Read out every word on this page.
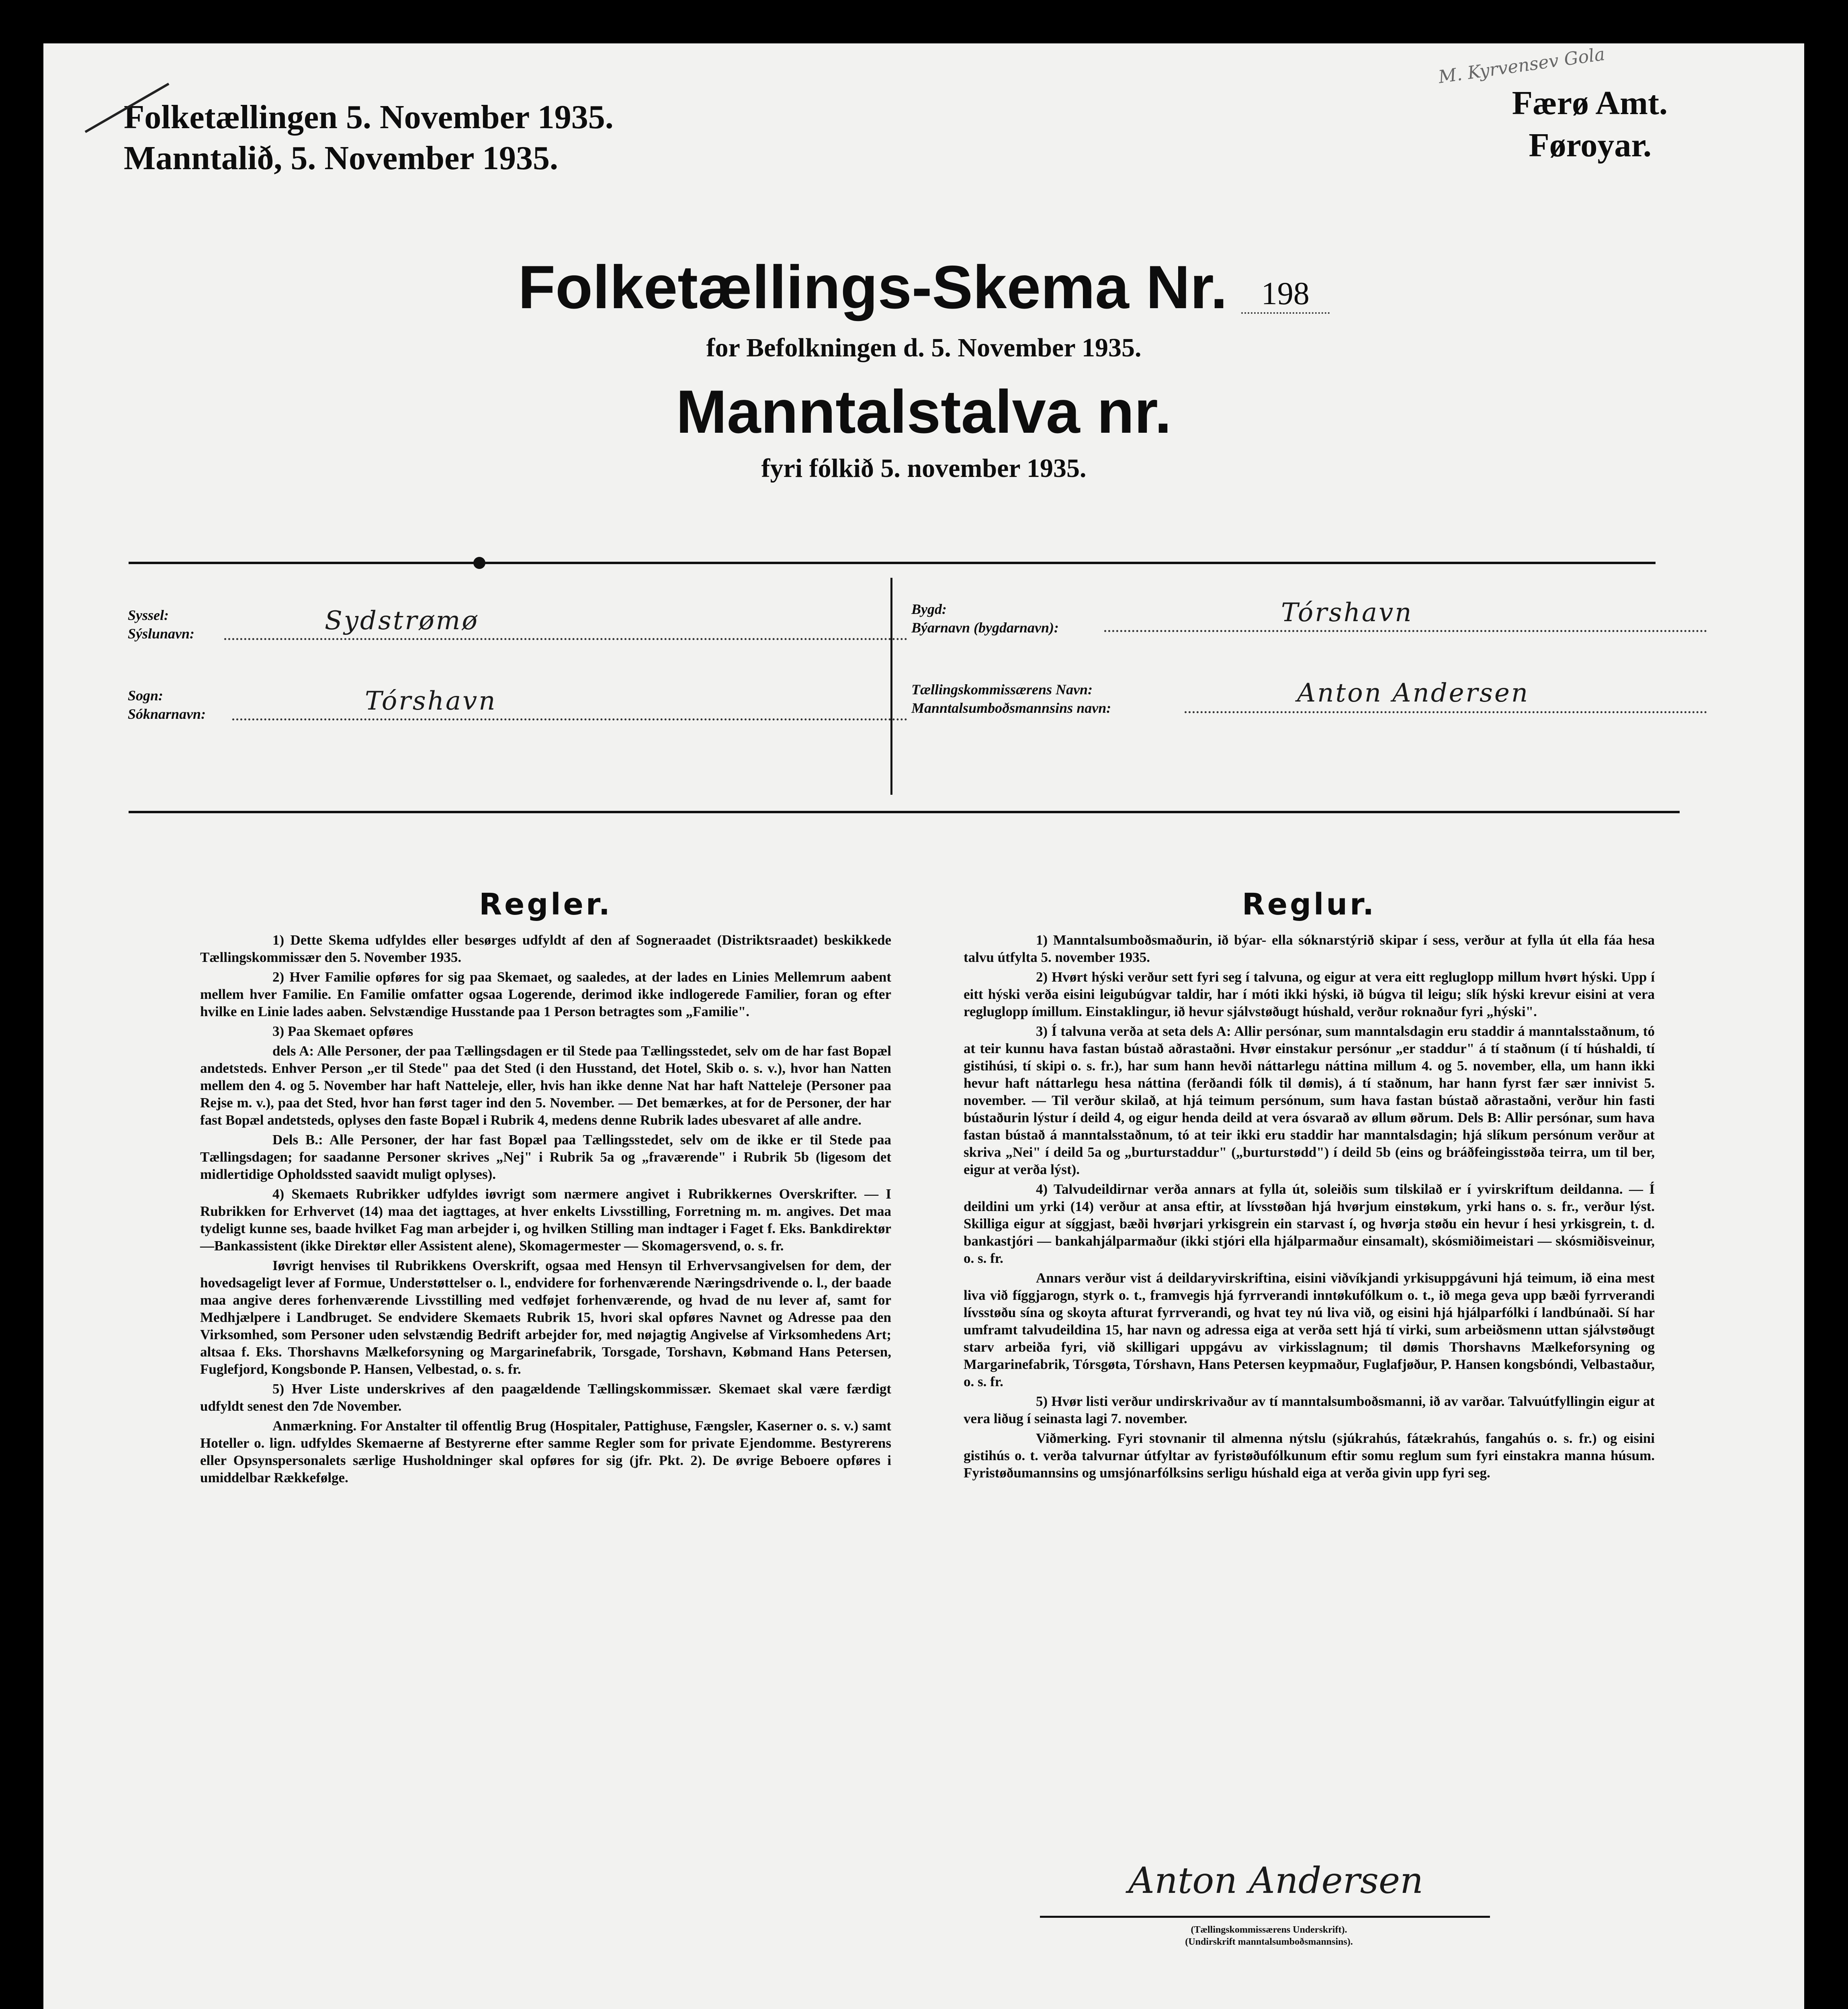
Folketællingen 5. November 1935.
Manntalið, 5. November 1935.
Færø Amt.
Føroyar.
M. Kyrvensev Gola
Folketællings-Skema Nr. 198
for Befolkningen d. 5. November 1935.
Manntalstalva nr.
fyri fólkið 5. november 1935.
Syssel:
Sýslunavn:	Sydstrømø
Sogn:
Sóknarnavn:	Tórshavn
Bygd:
Býarnavn (bygdarnavn):	Tórshavn
Tællingskommissærens Navn:
Manntalsumboðsmannsins navn:	Anton Andersen
Regler.

1) Dette Skema udfyldes eller besørges udfyldt af den af Sogneraadet (Distriktsraadet) beskikkede Tællingskommissær den 5. November 1935.

2) Hver Familie opføres for sig paa Skemaet, og saaledes, at der lades en Linies Mellemrum aabent mellem hver Familie. En Familie omfatter ogsaa Logerende, derimod ikke indlogerede Familier, foran og efter hvilke en Linie lades aaben. Selvstændige Husstande paa 1 Person betragtes som „Familie".

3) Paa Skemaet opføres

dels A: Alle Personer, der paa Tællingsdagen er til Stede paa Tællingsstedet, selv om de har fast Bopæl andetsteds. Enhver Person „er til Stede" paa det Sted (i den Husstand, det Hotel, Skib o. s. v.), hvor han Natten mellem den 4. og 5. November har haft Natteleje, eller, hvis han ikke denne Nat har haft Natteleje (Personer paa Rejse m. v.), paa det Sted, hvor han først tager ind den 5. November. — Det bemærkes, at for de Personer, der har fast Bopæl andetsteds, oplyses den faste Bopæl i Rubrik 4, medens denne Rubrik lades ubesvaret af alle andre.

Dels B.: Alle Personer, der har fast Bopæl paa Tællingsstedet, selv om de ikke er til Stede paa Tællingsdagen; for saadanne Personer skrives „Nej" i Rubrik 5a og „fraværende" i Rubrik 5b (ligesom det midlertidige Opholdssted saavidt muligt oplyses).

4) Skemaets Rubrikker udfyldes iøvrigt som nærmere angivet i Rubrikkernes Overskrifter. — I Rubrikken for Erhvervet (14) maa det iagttages, at hver enkelts Livsstilling, Forretning m. m. angives. Det maa tydeligt kunne ses, baade hvilket Fag man arbejder i, og hvilken Stilling man indtager i Faget f. Eks. Bankdirektør—Bankassistent (ikke Direktør eller Assistent alene), Skomagermester — Skomagersvend, o. s. fr.

Iøvrigt henvises til Rubrikkens Overskrift, ogsaa med Hensyn til Erhvervsangivelsen for dem, der hovedsageligt lever af Formue, Understøttelser o. l., endvidere for forhenværende Næringsdrivende o. l., der baade maa angive deres forhenværende Livsstilling med vedføjet forhenværende, og hvad de nu lever af, samt for Medhjælpere i Landbruget. Se endvidere Skemaets Rubrik 15, hvori skal opføres Navnet og Adresse paa den Virksomhed, som Personer uden selvstændig Bedrift arbejder for, med nøjagtig Angivelse af Virksomhedens Art; altsaa f. Eks. Thorshavns Mælkeforsyning og Margarinefabrik, Torsgade, Torshavn, Købmand Hans Petersen, Fuglefjord, Kongsbonde P. Hansen, Velbestad, o. s. fr.

5) Hver Liste underskrives af den paagældende Tællingskommissær. Skemaet skal være færdigt udfyldt senest den 7de November.

Anmærkning. For Anstalter til offentlig Brug (Hospitaler, Pattighuse, Fængsler, Kaserner o. s. v.) samt Hoteller o. lign. udfyldes Skemaerne af Bestyrerne efter samme Regler som for private Ejendomme. Bestyrerens eller Opsynspersonalets særlige Husholdninger skal opføres for sig (jfr. Pkt. 2). De øvrige Beboere opføres i umiddelbar Rækkefølge.

Reglur.

1) Manntalsumboðsmaðurin, ið býar- ella sóknarstýrið skipar í sess, verður at fylla út ella fáa hesa talvu útfylta 5. november 1935.

2) Hvørt hýski verður sett fyri seg í talvuna, og eigur at vera eitt regluglopp millum hvørt hýski. Upp í eitt hýski verða eisini leigubúgvar taldir, har í móti ikki hýski, ið búgva til leigu; slík hýski krevur eisini at vera regluglopp ímillum. Einstaklingur, ið hevur sjálvstøðugt húshald, verður roknaður fyri „hýski".

3) Í talvuna verða at seta dels A: Allir persónar, sum manntalsdagin eru staddir á manntalsstaðnum, tó at teir kunnu hava fastan bústað aðrastaðni. Hvør einstakur persónur „er staddur" á tí staðnum (í tí húshaldi, tí gistihúsi, tí skipi o. s. fr.), har sum hann hevði náttarlegu náttina millum 4. og 5. november, ella, um hann ikki hevur haft náttarlegu hesa náttina (ferðandi fólk til dømis), á tí staðnum, har hann fyrst fær sær innivist 5. november. — Til verður skilað, at hjá teimum persónum, sum hava fastan bústað aðrastaðni, verður hin fasti bústaðurin lýstur í deild 4, og eigur henda deild at vera ósvarað av øllum øðrum. Dels B: Allir persónar, sum hava fastan bústað á manntalsstaðnum, tó at teir ikki eru staddir har manntalsdagin; hjá slíkum persónum verður at skriva „Nei" í deild 5a og „burturstaddur" („burturstødd") í deild 5b (eins og bráðfeingisstøða teirra, um til ber, eigur at verða lýst).

4) Talvudeildirnar verða annars at fylla út, soleiðis sum tilskilað er í yvirskriftum deildanna. — Í deildini um yrki (14) verður at ansa eftir, at lívsstøðan hjá hvørjum einstøkum, yrki hans o. s. fr., verður lýst. Skilliga eigur at síggjast, bæði hvørjari yrkisgrein ein starvast í, og hvørja støðu ein hevur í hesi yrkisgrein, t. d. bankastjóri — bankahjálparmaður (ikki stjóri ella hjálparmaður einsamalt), skósmiðimeistari — skósmiðisveinur, o. s. fr.

Annars verður vist á deildaryvirskriftina, eisini viðvíkjandi yrkisuppgávuni hjá teimum, ið eina mest liva við fíggjarogn, styrk o. t., framvegis hjá fyrrverandi inntøkufólkum o. t., ið mega geva upp bæði fyrrverandi lívsstøðu sína og skoyta afturat fyrrverandi, og hvat tey nú liva við, og eisini hjá hjálparfólki í landbúnaði. Sí har umframt talvudeildina 15, har navn og adressa eiga at verða sett hjá tí virki, sum arbeiðsmenn uttan sjálvstøðugt starv arbeiða fyri, við skilligari uppgávu av virkisslagnum; til dømis Thorshavns Mælkeforsyning og Margarinefabrik, Tórsgøta, Tórshavn, Hans Petersen keypmaður, Fuglafjøður, P. Hansen kongsbóndi, Velbastaður, o. s. fr.

5) Hvør listi verður undirskrivaður av tí manntalsumboðsmanni, ið av varðar. Talvuútfyllingin eigur at vera liðug í seinasta lagi 7. november.

Viðmerking. Fyri stovnanir til almenna nýtslu (sjúkrahús, fátækrahús, fangahús o. s. fr.) og eisini gistihús o. t. verða talvurnar útfyltar av fyristøðufólkunum eftir somu reglum sum fyri einstakra manna húsum. Fyristøðumannsins og umsjónarfólksins serligu húshald eiga at verða givin upp fyri seg.

Anton Andersen
(Tællingskommissærens Underskrift).
(Undirskrift manntalsumboðsmannsins).
